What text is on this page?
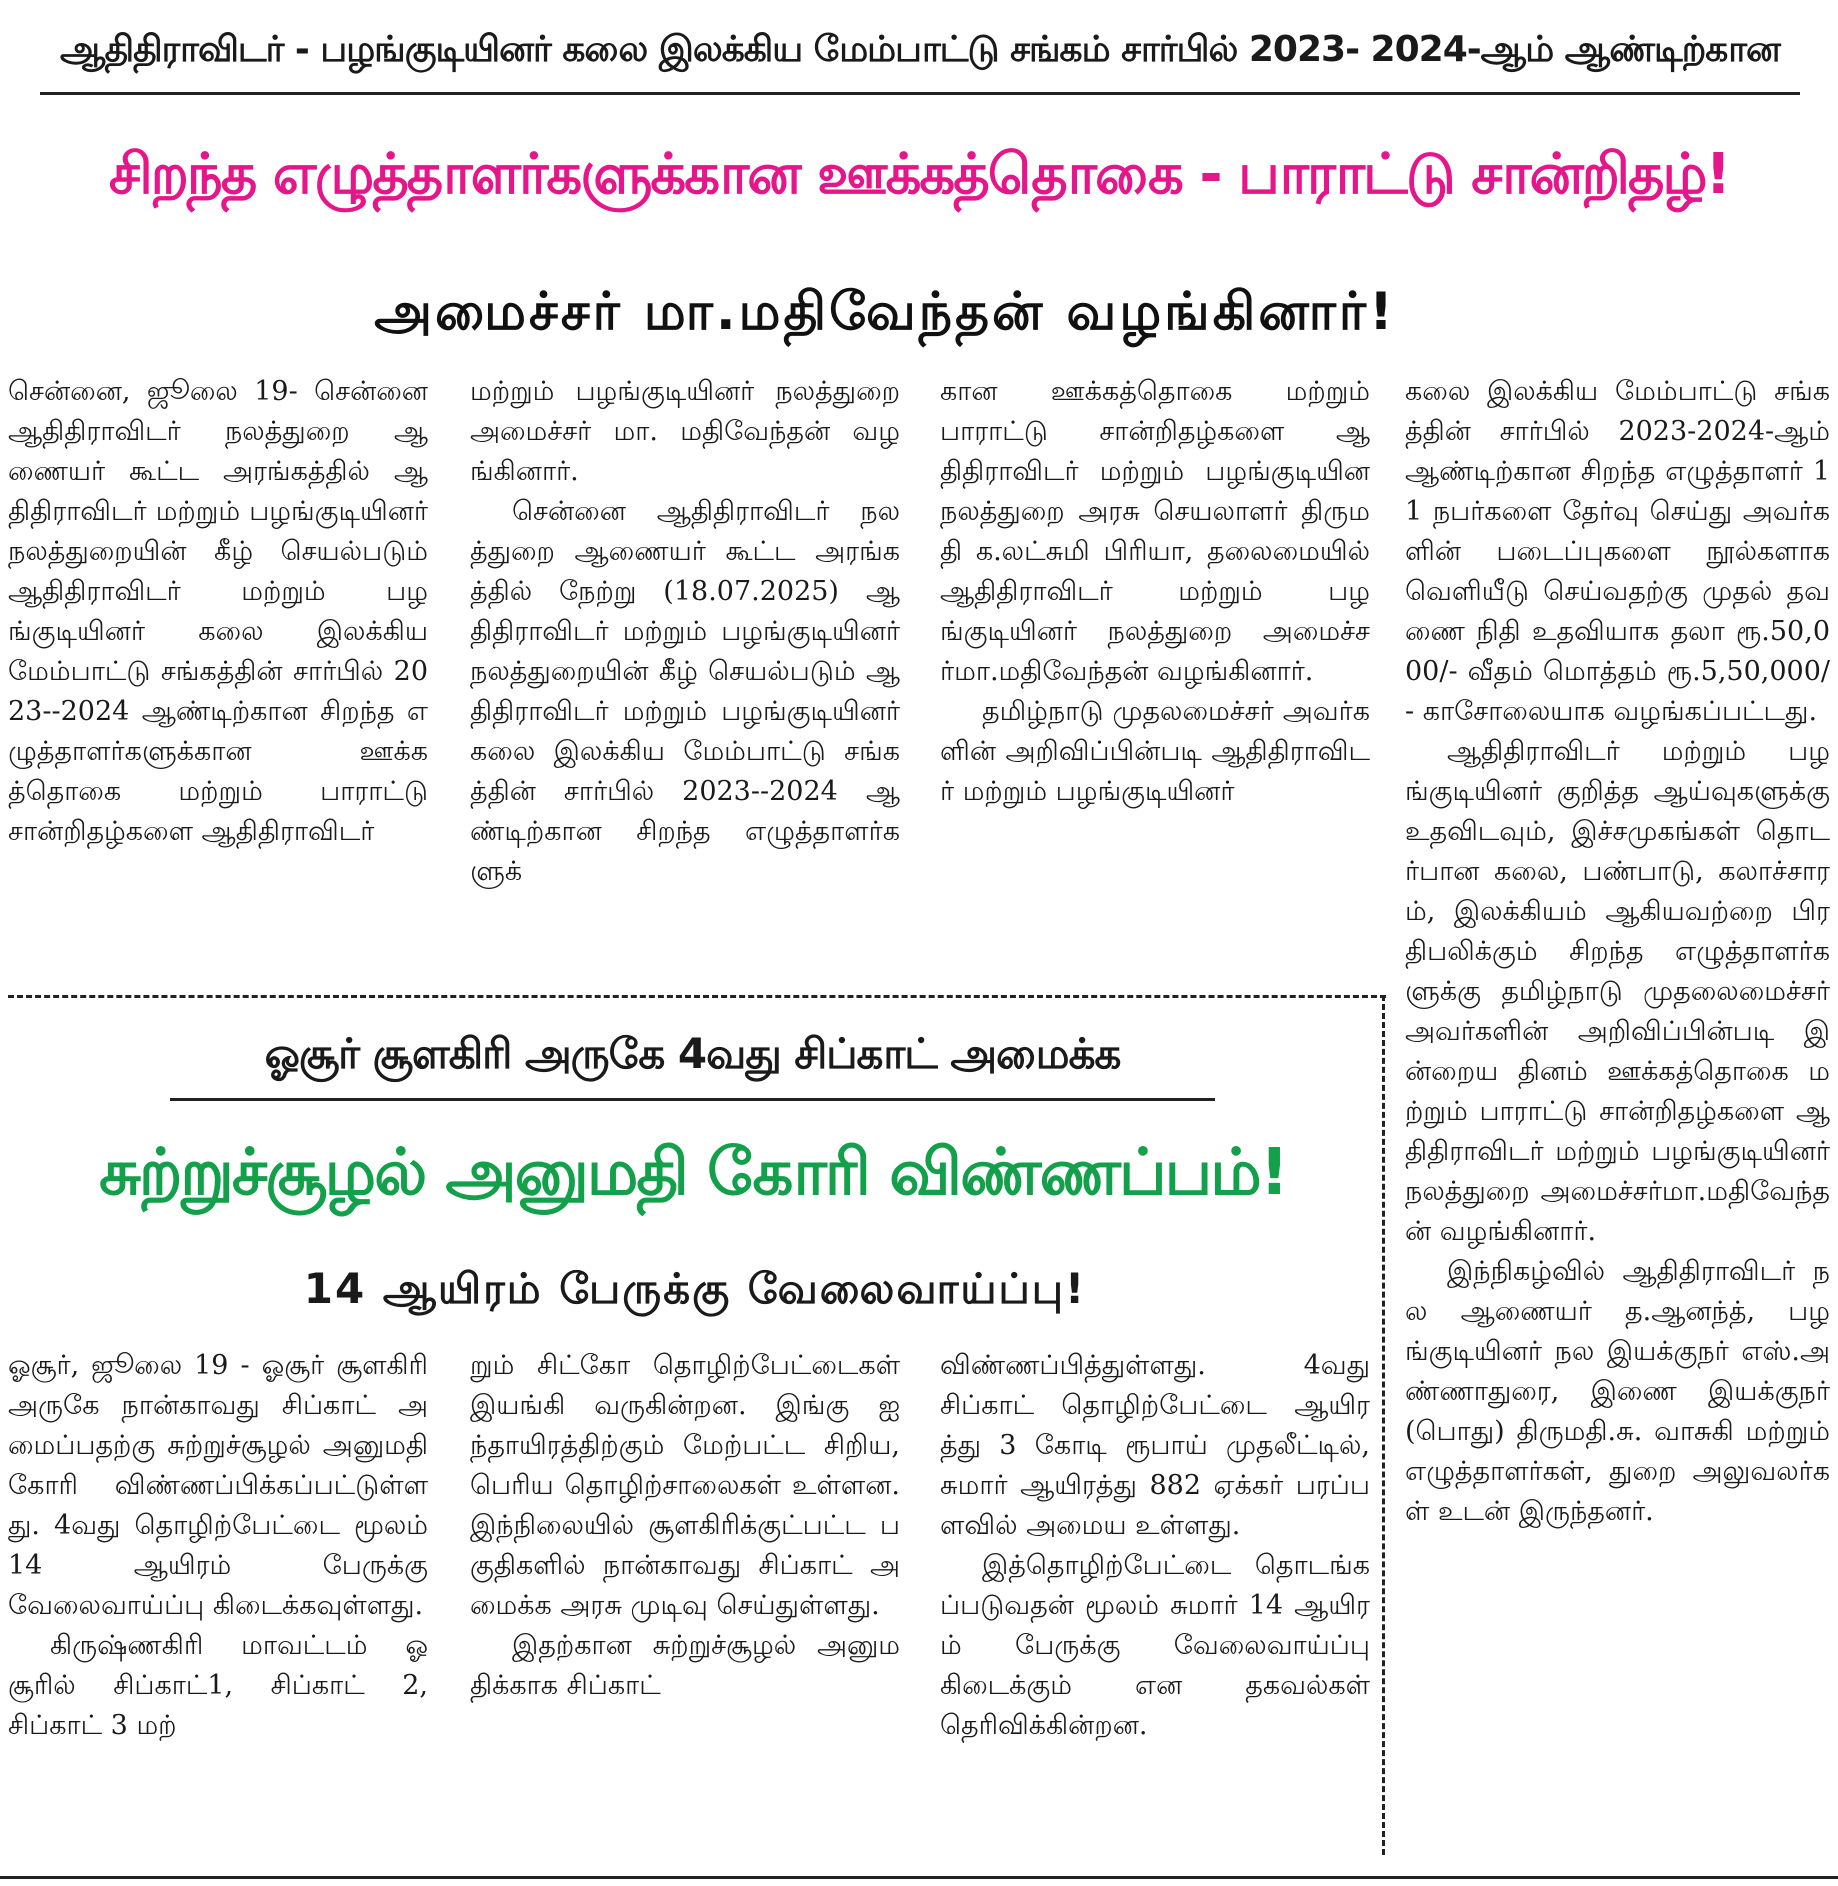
ஆதிதிராவிடர் - பழங்குடியினர் கலை இலக்கிய மேம்பாட்டு சங்கம் சார்பில் 2023- 2024-ஆம் ஆண்டிற்கான
சிறந்த எழுத்தாளர்களுக்கான ஊக்கத்தொகை - பாராட்டு சான்றிதழ்!
அமைச்சர் மா.மதிவேந்தன் வழங்கினார்!

சென்னை, ஜூலை 19- சென்னை ஆதிதிராவிடர் நலத்துறை ஆணையர் கூட்ட அரங்கத்தில் ஆதிதிராவிடர் மற்றும் பழங்குடியினர் நலத்துறையின் கீழ் செயல்படும் ஆதிதிராவிடர் மற்றும் பழங்குடியினர் கலை இலக்கிய மேம்பாட்டு சங்கத்தின் சார்பில் 2023--2024 ஆண்டிற்கான சிறந்த எழுத்தாளர்களுக்கான ஊக்கத்தொகை மற்றும் பாராட்டு சான்றிதழ்களை ஆதிதிராவிடர்

மற்றும் பழங்குடியினர் நலத்துறை அமைச்சர் மா. மதிவேந்தன் வழங்கினார்.

சென்னை ஆதிதிராவிடர் நலத்துறை ஆணையர் கூட்ட அரங்கத்தில் நேற்று (18.07.2025) ஆதிதிராவிடர் மற்றும் பழங்குடியினர் நலத்துறையின் கீழ் செயல்படும் ஆதிதிராவிடர் மற்றும் பழங்குடியினர் கலை இலக்கிய மேம்பாட்டு சங்கத்தின் சார்பில் 2023--2024 ஆண்டிற்கான சிறந்த எழுத்தாளர்களுக்

கான ஊக்கத்தொகை மற்றும் பாராட்டு சான்றிதழ்களை ஆதிதிராவிடர் மற்றும் பழங்குடியின நலத்துறை அரசு செயலாளர் திருமதி க.லட்சுமி பிரியா, தலைமையில் ஆதிதிராவிடர் மற்றும் பழங்குடியினர் நலத்துறை அமைச்சர்மா.மதிவேந்தன் வழங்கினார்.

தமிழ்நாடு முதலமைச்சர் அவர்களின் அறிவிப்பின்படி ஆதிதிராவிடர் மற்றும் பழங்குடியினர்

கலை இலக்கிய மேம்பாட்டு சங்கத்தின் சார்பில் 2023-2024-ஆம் ஆண்டிற்கான சிறந்த எழுத்தாளர் 11 நபர்களை தேர்வு செய்து அவர்களின் படைப்புகளை நூல்களாக வெளியீடு செய்வதற்கு முதல் தவணை நிதி உதவியாக தலா ரூ.50,000/- வீதம் மொத்தம் ரூ.5,50,000/- காசோலையாக வழங்கப்பட்டது.

ஆதிதிராவிடர் மற்றும் பழங்குடியினர் குறித்த ஆய்வுகளுக்கு உதவிடவும், இச்சமுகங்கள் தொடர்பான கலை, பண்பாடு, கலாச்சாரம், இலக்கியம் ஆகியவற்றை பிரதிபலிக்கும் சிறந்த எழுத்தாளர்களுக்கு தமிழ்நாடு முதலைமைச்சர் அவர்களின் அறிவிப்பின்படி இன்றைய தினம் ஊக்கத்தொகை மற்றும் பாராட்டு சான்றிதழ்களை ஆதிதிராவிடர் மற்றும் பழங்குடியினர் நலத்துறை அமைச்சர்மா.மதிவேந்தன் வழங்கினார்.

இந்நிகழ்வில் ஆதிதிராவிடர் நல ஆணையர் த.ஆனந்த், பழங்குடியினர் நல இயக்குநர் எஸ்.அண்ணாதுரை, இணை இயக்குநர் (பொது) திருமதி.சு. வாசுகி மற்றும் எழுத்தாளர்கள், துறை அலுவலர்கள் உடன் இருந்தனர்.

ஓசூர் சூளகிரி அருகே 4வது சிப்காட் அமைக்க
சுற்றுச்சூழல் அனுமதி கோரி விண்ணப்பம்!
14 ஆயிரம் பேருக்கு வேலைவாய்ப்பு!

ஓசூர், ஜூலை 19 - ஓசூர் சூளகிரி அருகே நான்காவது சிப்காட் அமைப்பதற்கு சுற்றுச்சூழல் அனுமதி கோரி விண்ணப்பிக்கப்பட்டுள்ளது. 4வது தொழிற்பேட்டை மூலம் 14 ஆயிரம் பேருக்கு வேலைவாய்ப்பு கிடைக்கவுள்ளது.

கிருஷ்ணகிரி மாவட்டம் ஓசூரில் சிப்காட்1, சிப்காட் 2, சிப்காட் 3 மற்

றும் சிட்கோ தொழிற்பேட்டைகள் இயங்கி வருகின்றன. இங்கு ஐந்தாயிரத்திற்கும் மேற்பட்ட சிறிய, பெரிய தொழிற்சாலைகள் உள்ளன. இந்நிலையில் சூளகிரிக்குட்பட்ட பகுதிகளில் நான்காவது சிப்காட் அமைக்க அரசு முடிவு செய்துள்ளது.

இதற்கான சுற்றுச்சூழல் அனுமதிக்காக சிப்காட்

விண்ணப்பித்துள்ளது. 4வது சிப்காட் தொழிற்பேட்டை ஆயிரத்து 3 கோடி ரூபாய் முதலீட்டில், சுமார் ஆயிரத்து 882 ஏக்கர் பரப்பளவில் அமைய உள்ளது.

இத்தொழிற்பேட்டை தொடங்கப்படுவதன் மூலம் சுமார் 14 ஆயிரம் பேருக்கு வேலைவாய்ப்பு கிடைக்கும் என தகவல்கள் தெரிவிக்கின்றன.
